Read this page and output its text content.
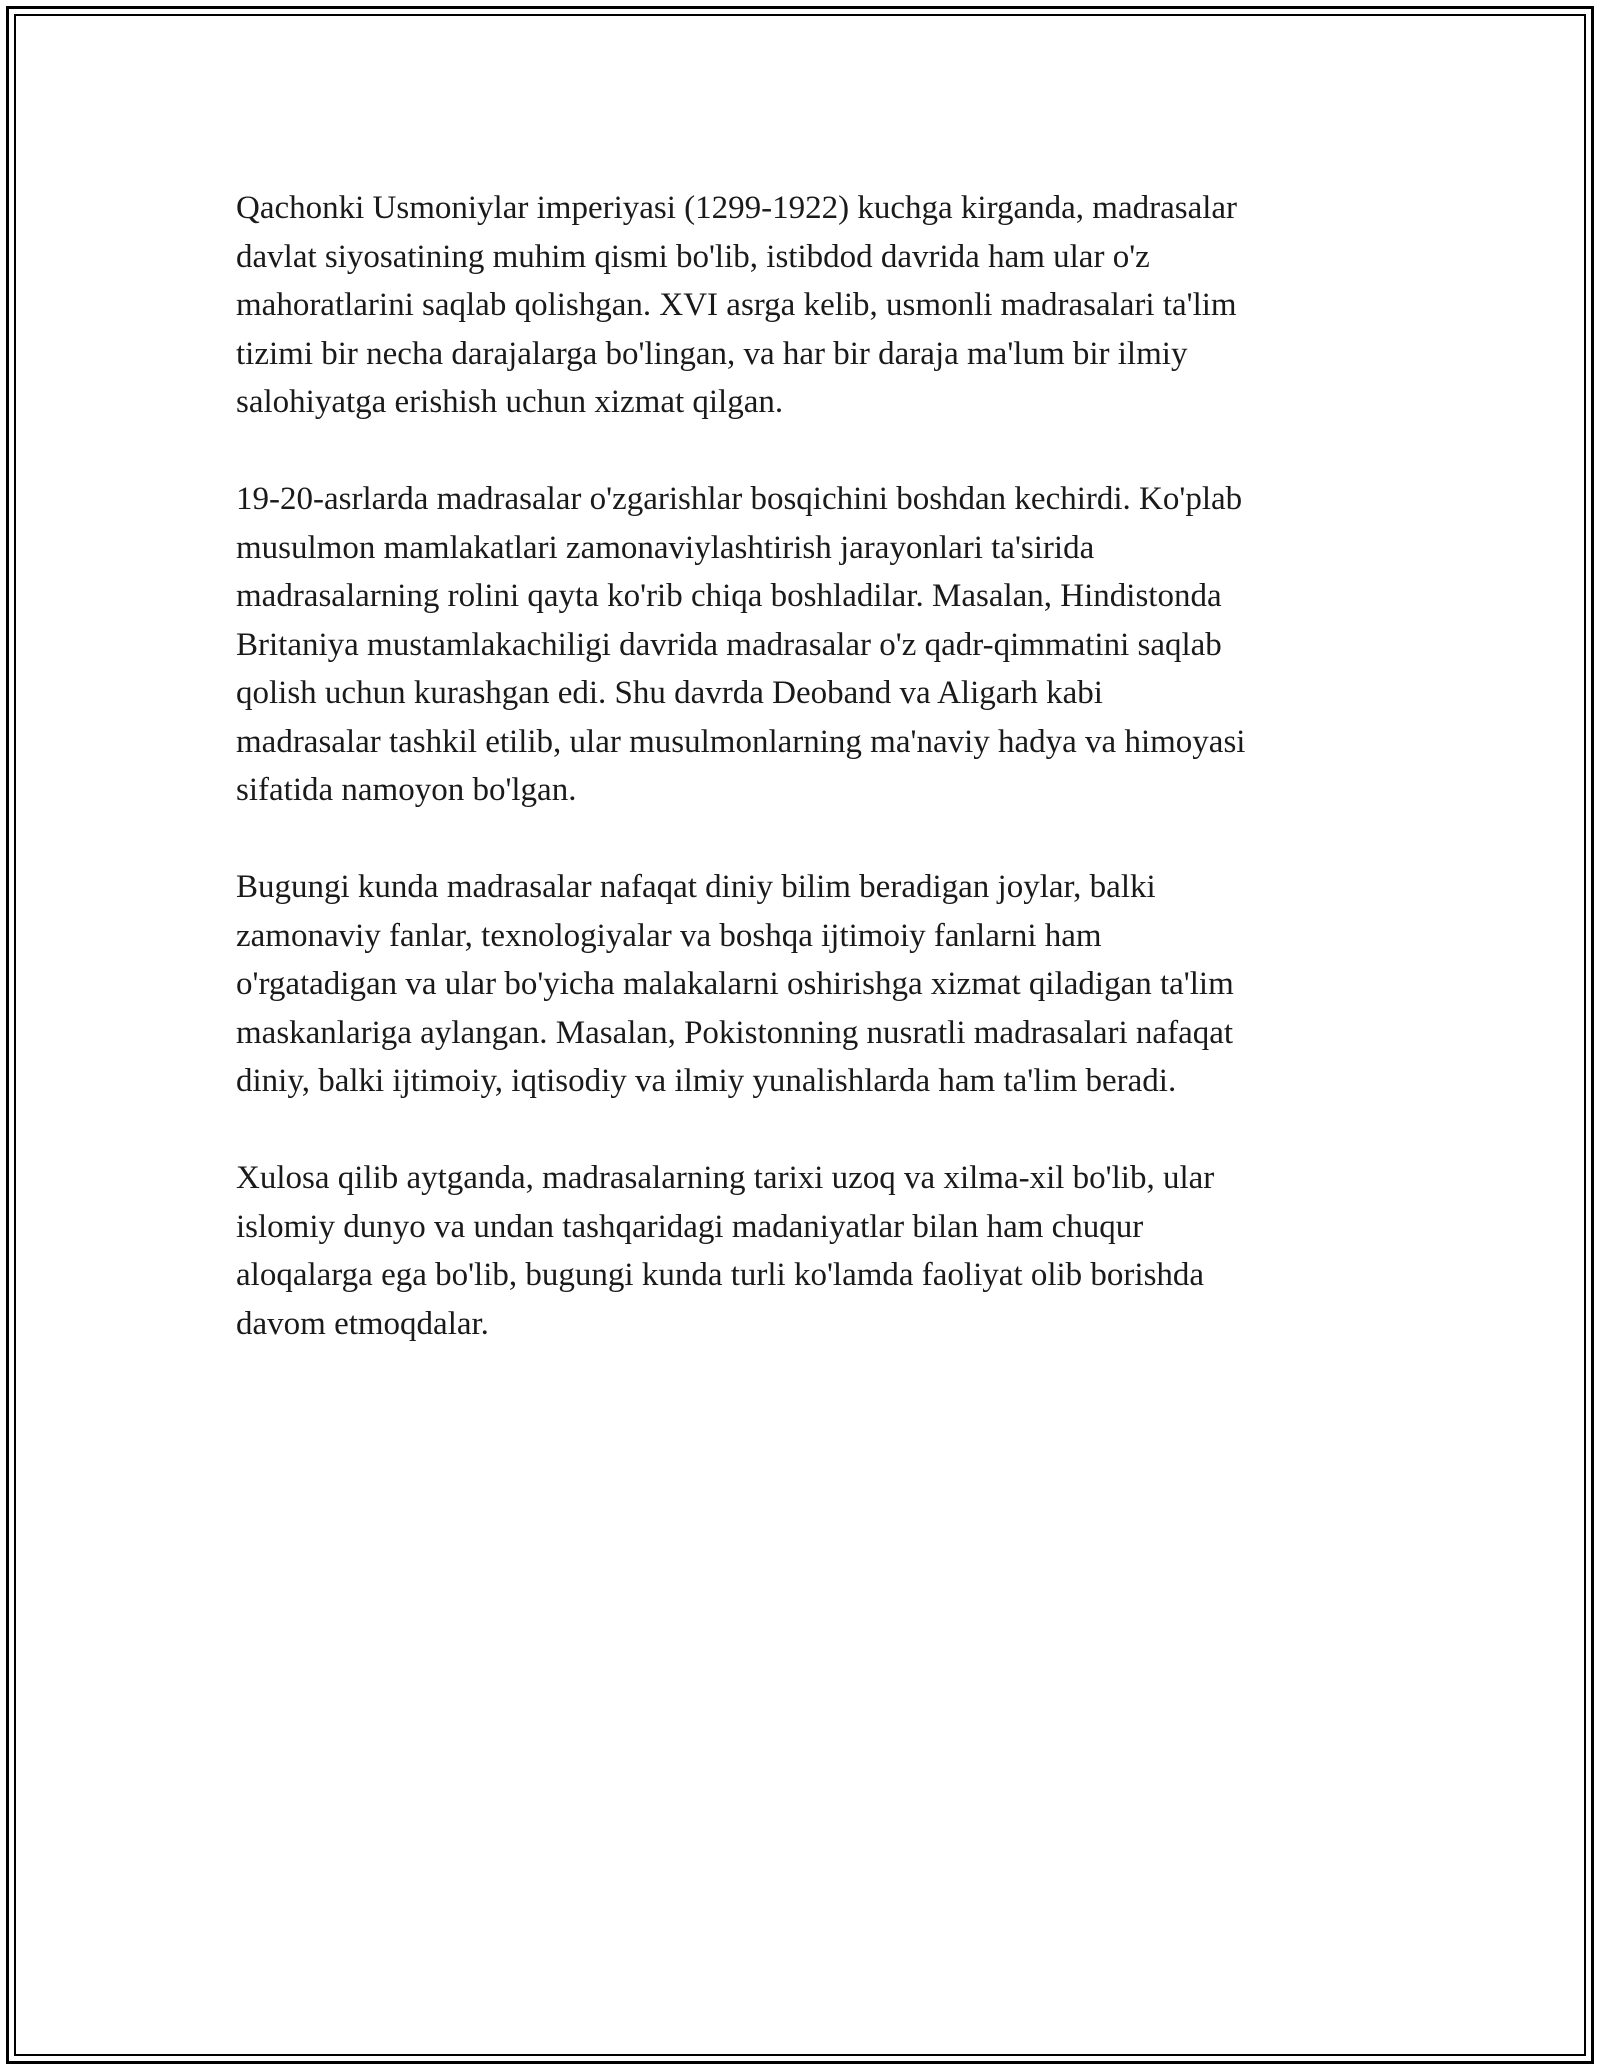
Qachonki Usmoniylar imperiyasi (1299-1922) kuchga kirganda, madrasalar
davlat siyosatining muhim qismi bo'lib, istibdod davrida ham ular o'z
mahoratlarini saqlab qolishgan. XVI asrga kelib, usmonli madrasalari ta'lim
tizimi bir necha darajalarga bo'lingan, va har bir daraja ma'lum bir ilmiy
salohiyatga erishish uchun xizmat qilgan.

19-20-asrlarda madrasalar o'zgarishlar bosqichini boshdan kechirdi. Ko'plab
musulmon mamlakatlari zamonaviylashtirish jarayonlari ta'sirida
madrasalarning rolini qayta ko'rib chiqa boshladilar. Masalan, Hindistonda
Britaniya mustamlakachiligi davrida madrasalar o'z qadr-qimmatini saqlab
qolish uchun kurashgan edi. Shu davrda Deoband va Aligarh kabi
madrasalar tashkil etilib, ular musulmonlarning ma'naviy hadya va himoyasi
sifatida namoyon bo'lgan.

Bugungi kunda madrasalar nafaqat diniy bilim beradigan joylar, balki
zamonaviy fanlar, texnologiyalar va boshqa ijtimoiy fanlarni ham
o'rgatadigan va ular bo'yicha malakalarni oshirishga xizmat qiladigan ta'lim
maskanlariga aylangan. Masalan, Pokistonning nusratli madrasalari nafaqat
diniy, balki ijtimoiy, iqtisodiy va ilmiy yunalishlarda ham ta'lim beradi.

Xulosa qilib aytganda, madrasalarning tarixi uzoq va xilma-xil bo'lib, ular
islomiy dunyo va undan tashqaridagi madaniyatlar bilan ham chuqur
aloqalarga ega bo'lib, bugungi kunda turli ko'lamda faoliyat olib borishda
davom etmoqdalar.
